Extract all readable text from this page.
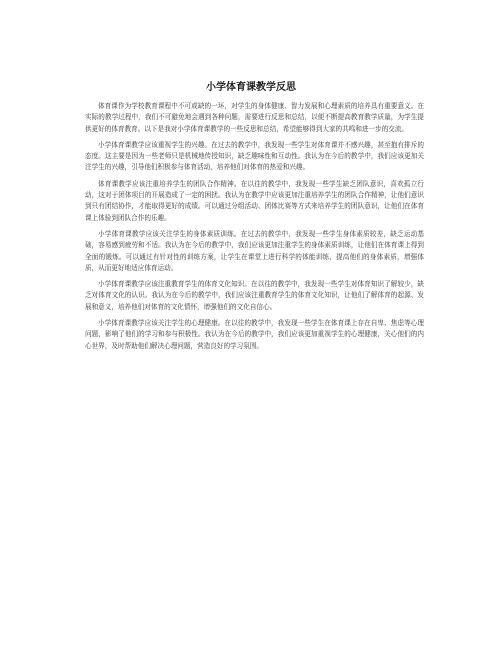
小学体育课教学反思

体育课作为学校教育课程中不可或缺的一环，对学生的身体健康、智力发展和心理素质的培养具有重要意义。在实际的教学过程中，我们不可避免地会遇到各种问题，需要进行反思和总结，以便不断提高教育教学质量，为学生提供更好的体育教育。以下是我对小学体育课教学的一些反思和总结，希望能够得到大家的共鸣和进一步的交流。

小学体育课教学应该重视学生的兴趣。在过去的教学中，我发现一些学生对体育课并不感兴趣，甚至抱有排斥的态度。这主要是因为一些老师只是机械地传授知识，缺乏趣味性和互动性。我认为在今后的教学中，我们应该更加关注学生的兴趣，引导他们积极参与体育活动，培养他们对体育的热爱和兴趣。

体育课教学应该注重培养学生的团队合作精神。在以往的教学中，我发现一些学生缺乏团队意识，喜欢孤立行动，这对于团体项目的开展造成了一定的困扰。我认为在教学中应该更加注重培养学生的团队合作精神，让他们意识到只有团结协作，才能取得更好的成绩。可以通过分组活动、团体比赛等方式来培养学生的团队意识，让他们在体育课上体验到团队合作的乐趣。

小学体育课教学应该关注学生的身体素质训练。在过去的教学中，我发现一些学生身体素质较差，缺乏运动基础，容易感到疲劳和不适。我认为在今后的教学中，我们应该更加注重学生的身体素质训练，让他们在体育课上得到全面的锻炼。可以通过有针对性的训练方案，让学生在课堂上进行科学的体能训练，提高他们的身体素质，增强体质，从而更好地适应体育运动。

小学体育课教学应该注重教育学生的体育文化知识。在以往的教学中，我发现一些学生对体育知识了解较少，缺乏对体育文化的认识。我认为在今后的教学中，我们应该注重教育学生的体育文化知识，让他们了解体育的起源、发展和意义，培养他们对体育的文化情怀，增强他们的文化自信心。

小学体育课教学应该关注学生的心理健康。在以往的教学中，我发现一些学生在体育课上存在自卑、焦虑等心理问题，影响了他们的学习和参与积极性。我认为在今后的教学中，我们应该更加重视学生的心理健康，关心他们的内心世界，及时帮助他们解决心理问题，营造良好的学习氛围。
